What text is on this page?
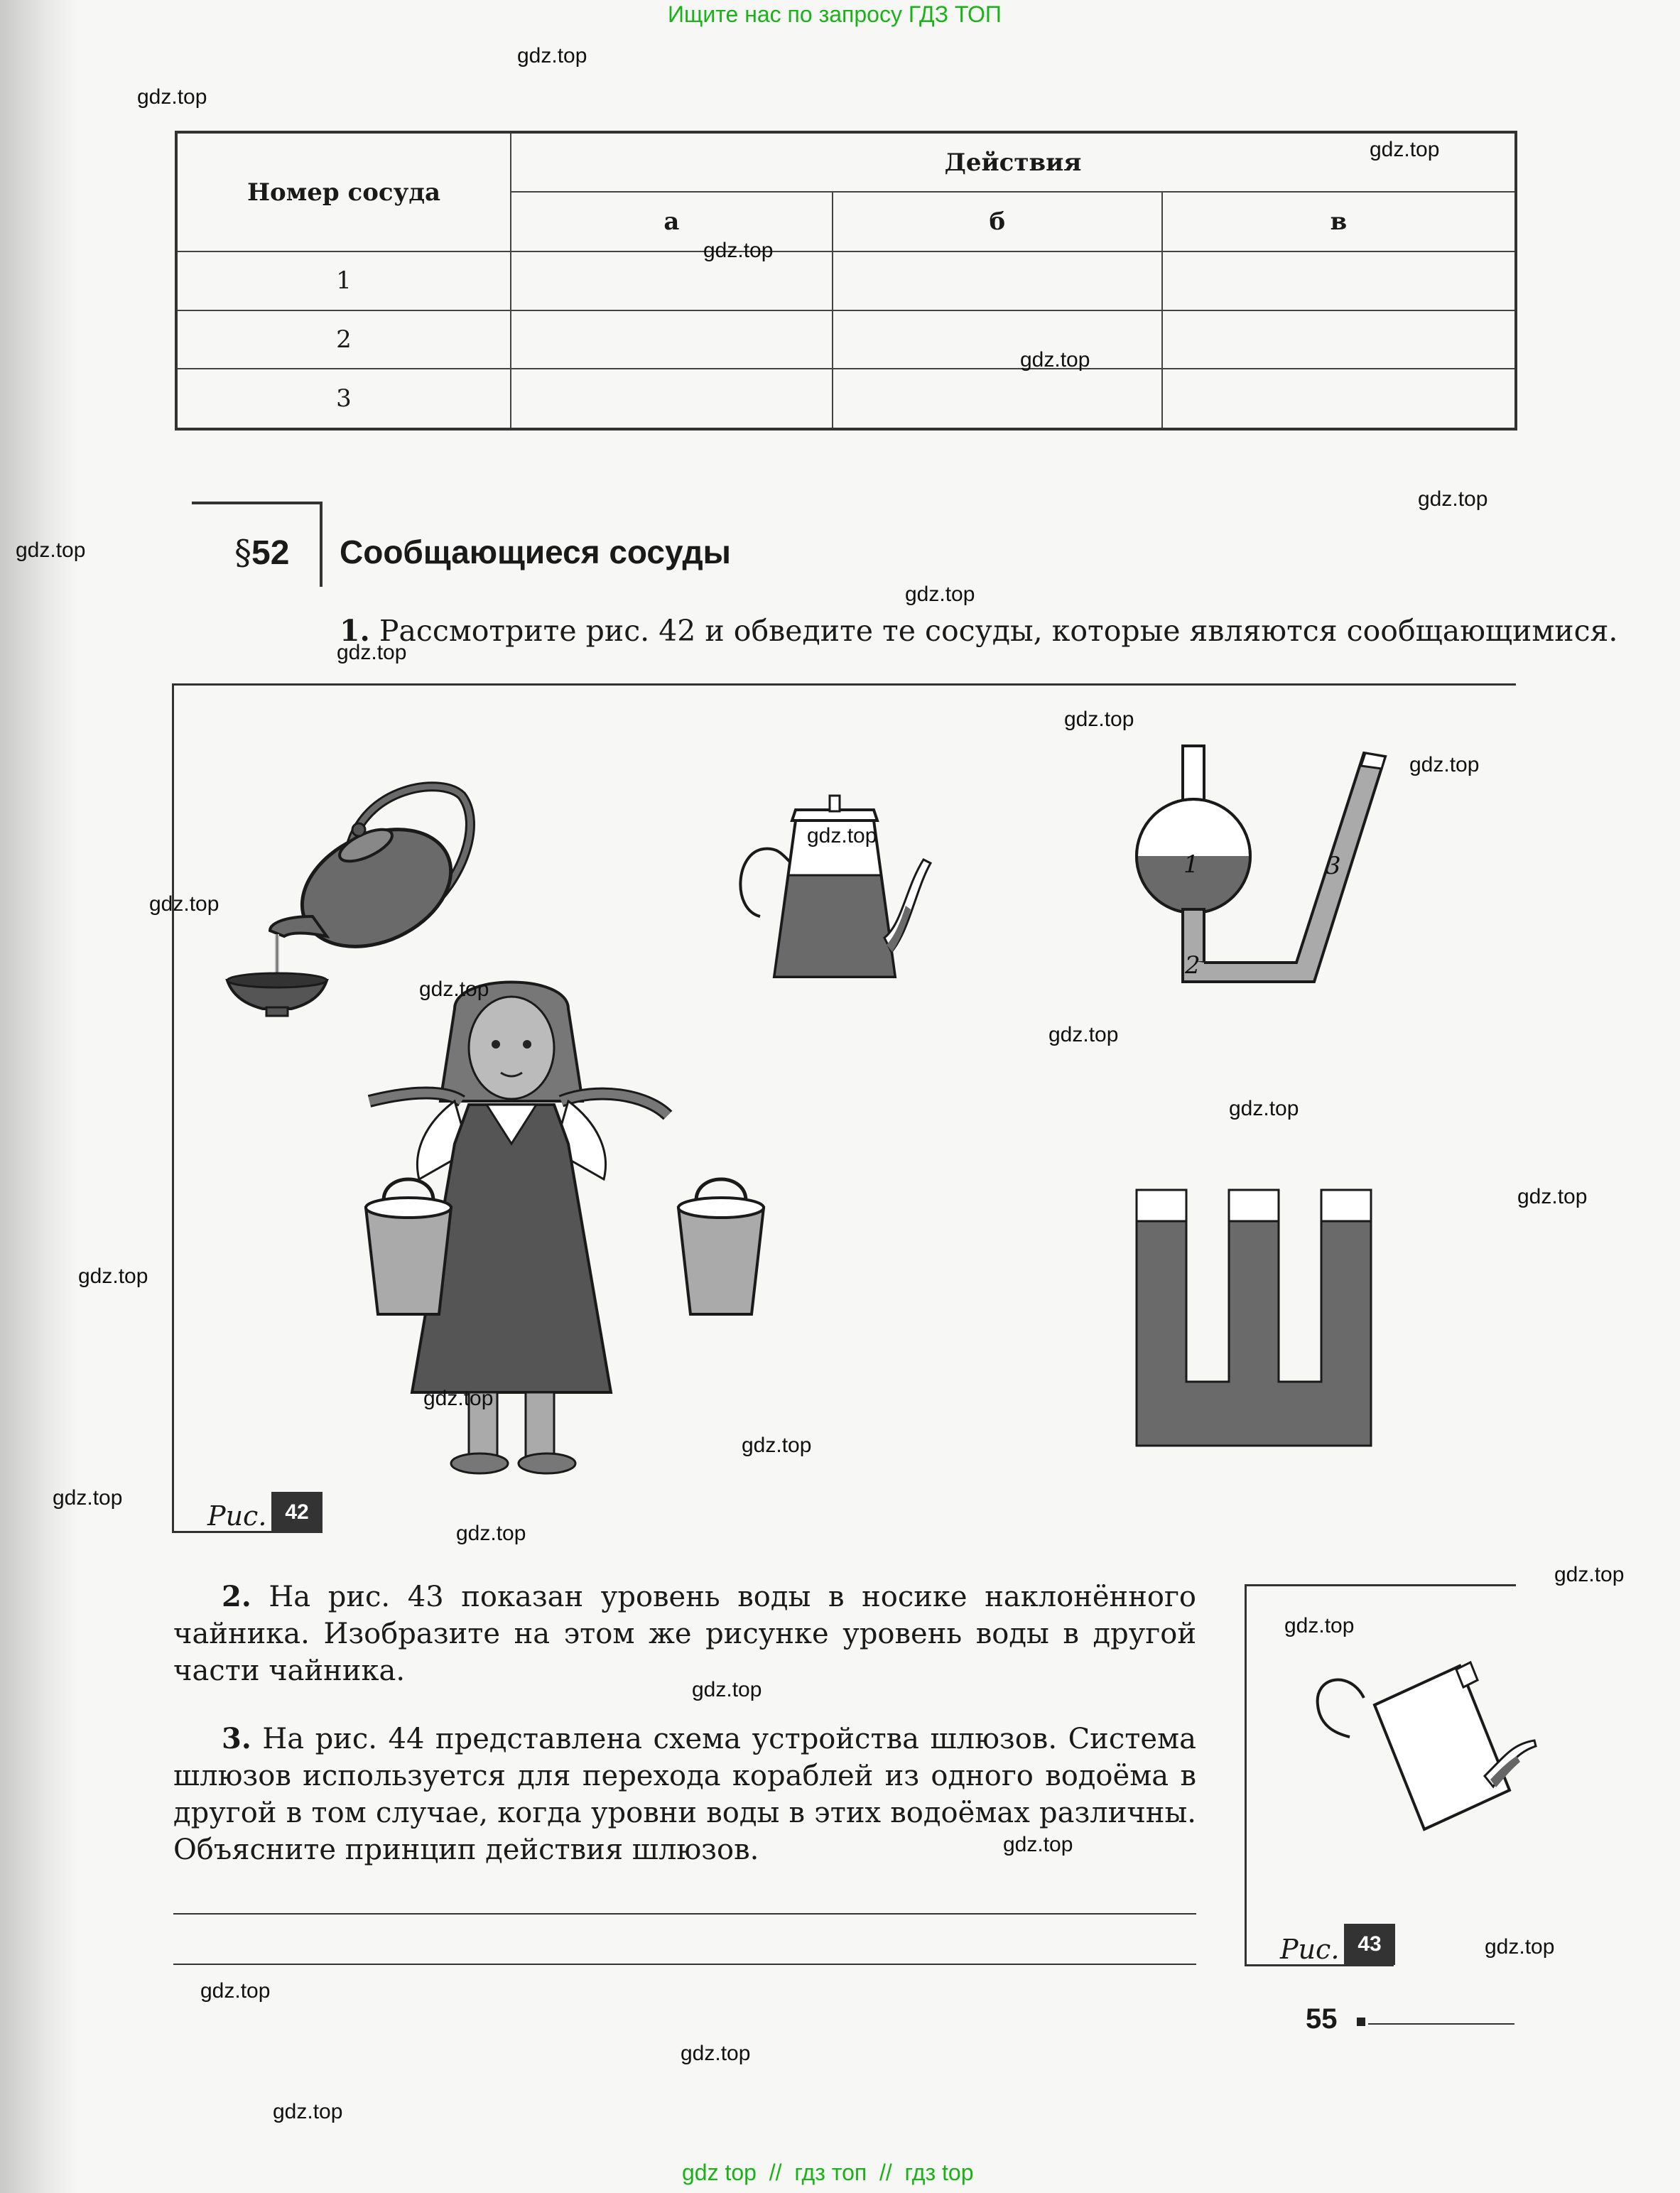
Ищите нас по запросу ГДЗ ТОП
Номер сосуда	Действия		
	а	б	в
1			
2			
3			
§52 Сообщающиеся сосуды
1. Рассмотрите рис. 42 и обведите те сосуды, которые являются сообщающимися.
Рис. 42
1
2
3
2. На рис. 43 показан уровень воды в носике наклонённого чайника. Изобразите на этом же рисунке уровень воды в другой части чайника.
3. На рис. 44 представлена схема устройства шлюзов. Система шлюзов используется для перехода кораблей из одного водоёма в другой в том случае, когда уровни воды в этих водоёмах различны. Объясните принцип действия шлюзов.
Рис. 43
55
gdz.top
gdz.top
gdz.top
gdz.top
gdz.top
gdz.top
gdz.top
gdz.top
gdz.top
gdz.top
gdz.top
gdz.top
gdz.top
gdz.top
gdz.top
gdz.top
gdz.top
gdz.top
gdz.top
gdz.top
gdz.top
gdz.top
gdz.top
gdz.top
gdz.top
gdz.top
gdz.top
gdz.top
gdz.top
gdz.top
gdz top  //  гдз топ  //  гдз top
